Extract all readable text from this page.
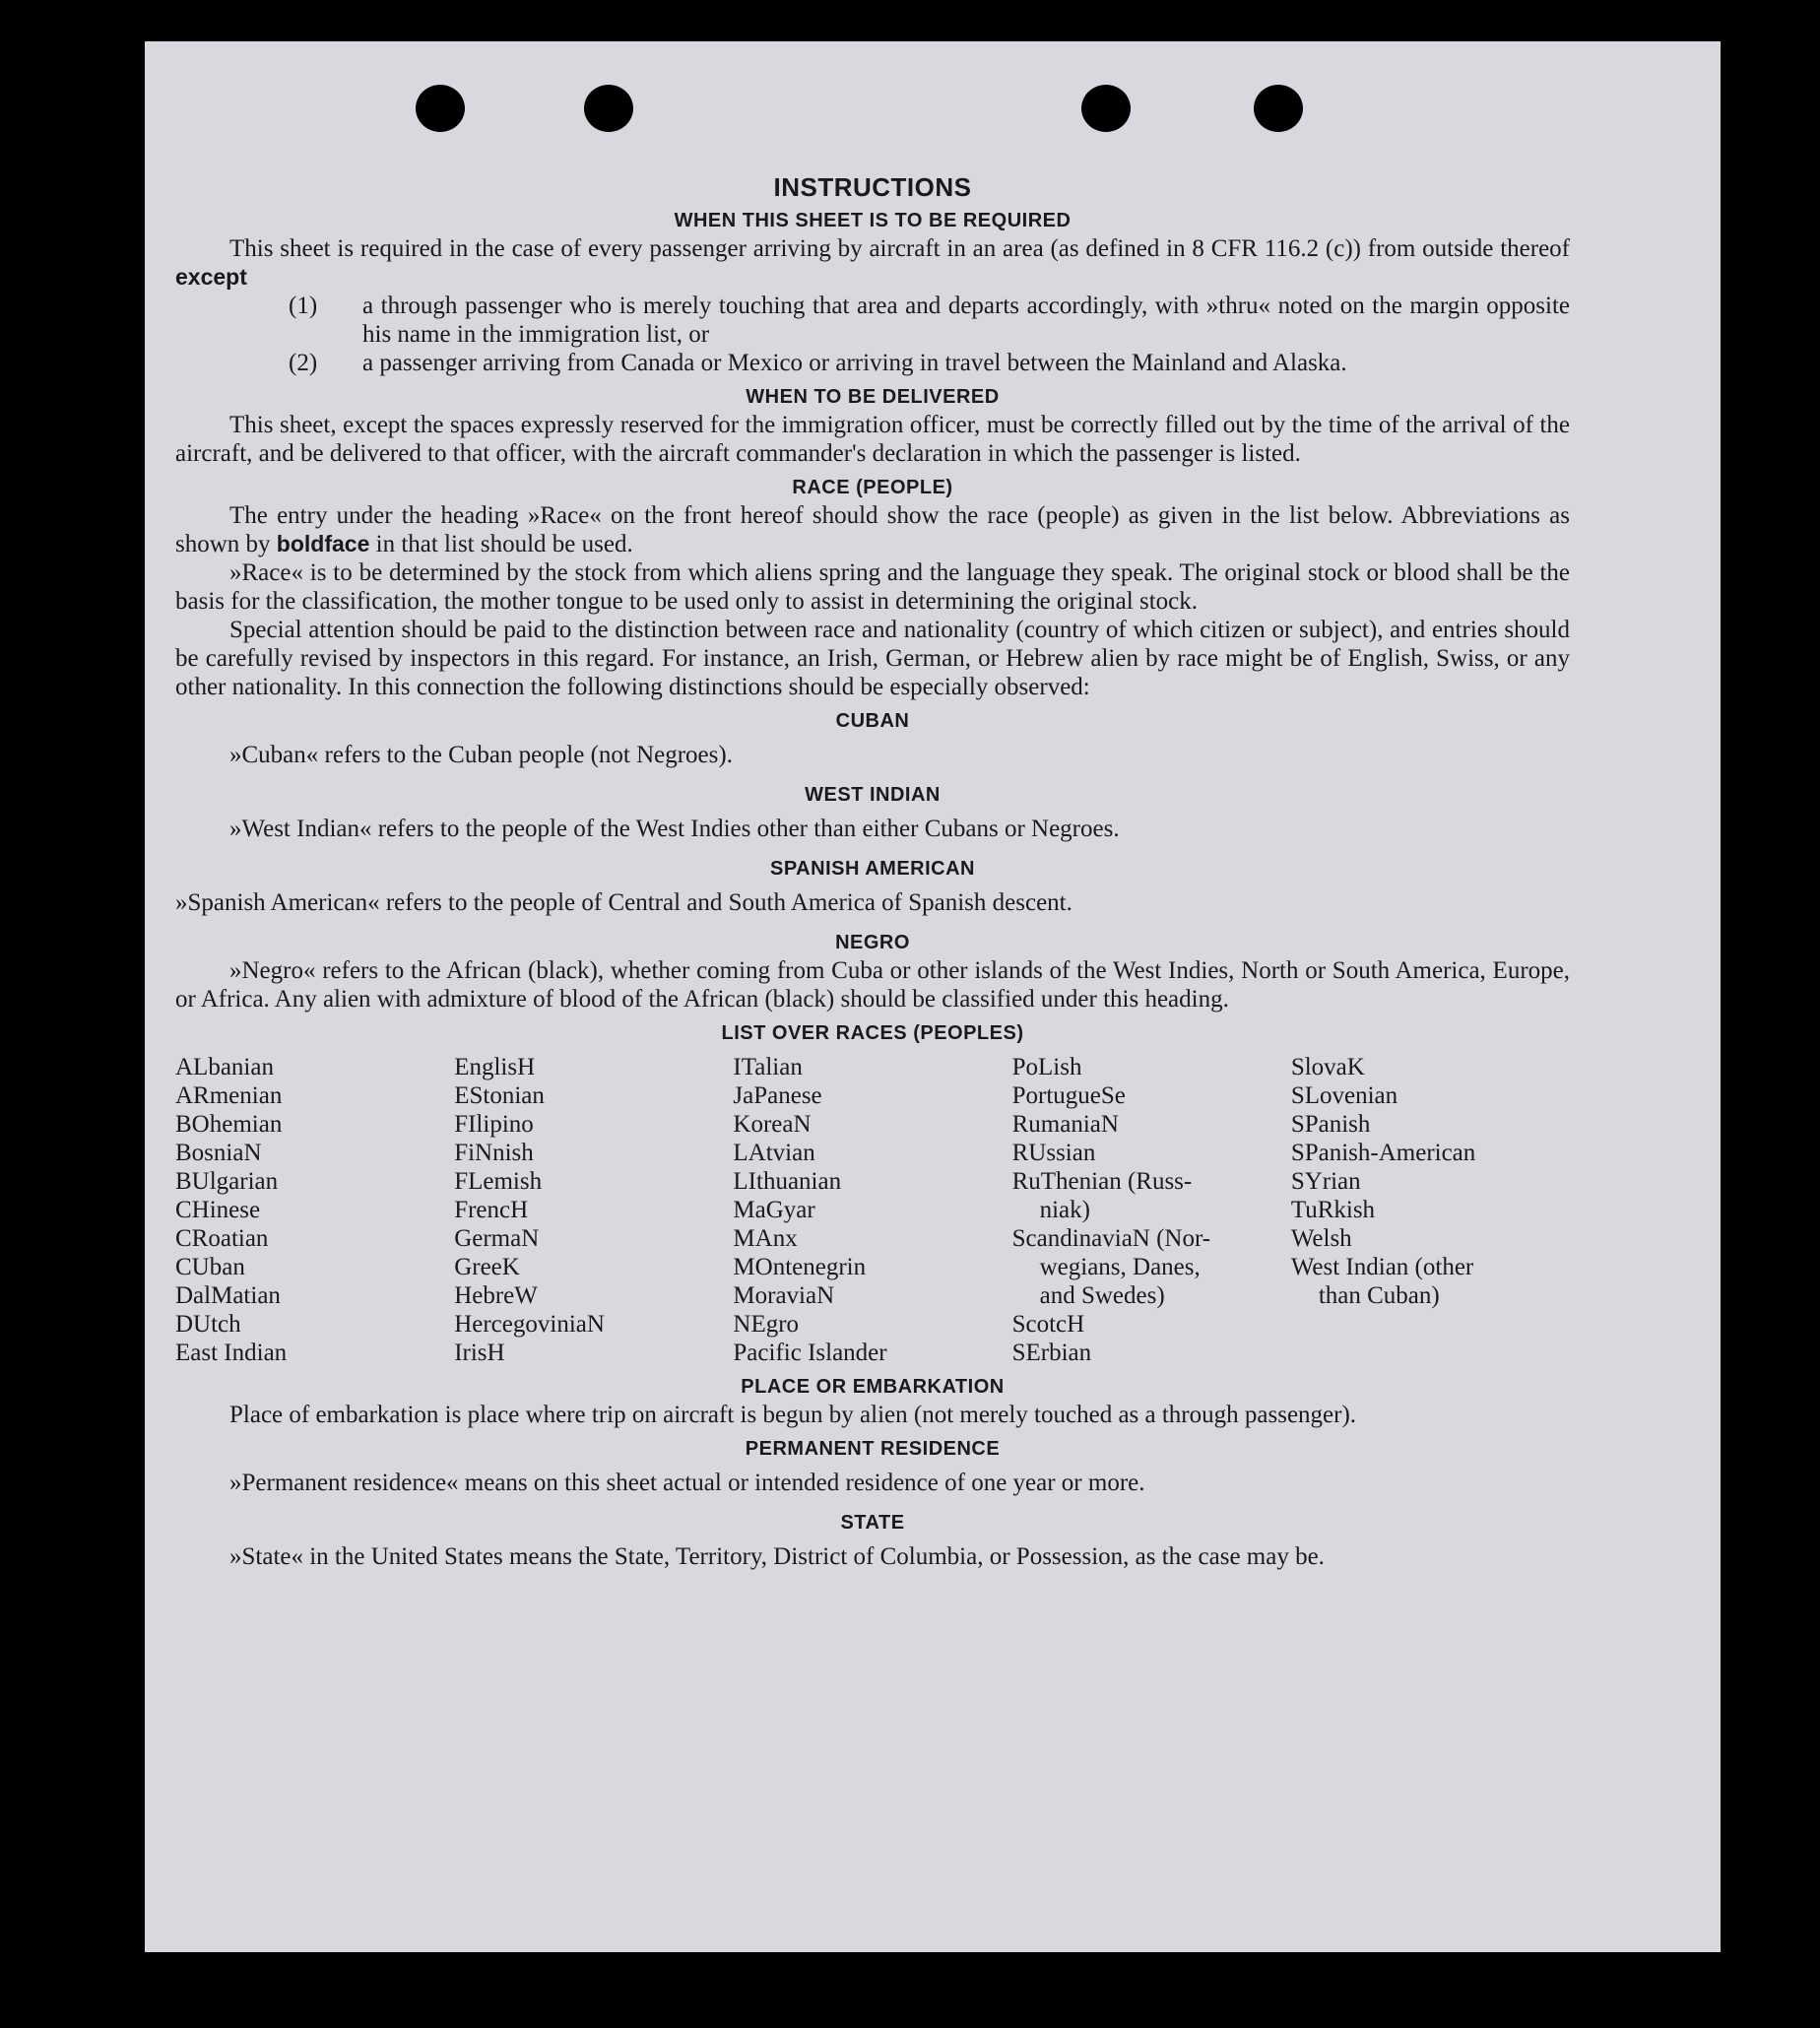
INSTRUCTIONS
WHEN THIS SHEET IS TO BE REQUIRED
This sheet is required in the case of every passenger arriving by aircraft in an area (as defined in 8 CFR 116.2 (c)) from outside thereof except
(1) a through passenger who is merely touching that area and departs accordingly, with »thru« noted on the margin opposite his name in the immigration list, or
(2) a passenger arriving from Canada or Mexico or arriving in travel between the Mainland and Alaska.
WHEN TO BE DELIVERED
This sheet, except the spaces expressly reserved for the immigration officer, must be correctly filled out by the time of the arrival of the aircraft, and be delivered to that officer, with the aircraft commander's declaration in which the passenger is listed.
RACE (PEOPLE)
The entry under the heading »Race« on the front hereof should show the race (people) as given in the list below. Abbreviations as shown by boldface in that list should be used.
»Race« is to be determined by the stock from which aliens spring and the language they speak. The original stock or blood shall be the basis for the classification, the mother tongue to be used only to assist in determining the original stock.
Special attention should be paid to the distinction between race and nationality (country of which citizen or subject), and entries should be carefully revised by inspectors in this regard. For instance, an Irish, German, or Hebrew alien by race might be of English, Swiss, or any other nationality. In this connection the following distinctions should be especially observed:
CUBAN
»Cuban« refers to the Cuban people (not Negroes).
WEST INDIAN
»West Indian« refers to the people of the West Indies other than either Cubans or Negroes.
SPANISH AMERICAN
»Spanish American« refers to the people of Central and South America of Spanish descent.
NEGRO
»Negro« refers to the African (black), whether coming from Cuba or other islands of the West Indies, North or South America, Europe, or Africa. Any alien with admixture of blood of the African (black) should be classified under this heading.
LIST OVER RACES (PEOPLES)
ALbanian
ARmenian
BOhemian
BosniaN
BUlgarian
CHinese
CRoatian
CUban
DalMatian
DUtch
East Indian
EnglisH
EStonian
FIlipino
FiNnish
FLemish
FrencH
GermaN
GreeK
HebreW
HercegoviniaN
IrisH
ITalian
JaPanese
KoreaN
LAtvian
LIthuanian
MaGyar
MAnx
MOntenegrin
MoraviaN
NEgro
Pacific Islander
PoLish
PortugueSe
RumaniaN
RUssian
RuThenian (Russ-
niak)
ScandinaviaN (Nor-
wegians, Danes,
and Swedes)
ScotcH
SErbian
SlovaK
SLovenian
SPanish
SPanish-American
SYrian
TuRkish
Welsh
West Indian (other
than Cuban)
PLACE OR EMBARKATION
Place of embarkation is place where trip on aircraft is begun by alien (not merely touched as a through passenger).
PERMANENT RESIDENCE
»Permanent residence« means on this sheet actual or intended residence of one year or more.
STATE
»State« in the United States means the State, Territory, District of Columbia, or Possession, as the case may be.
